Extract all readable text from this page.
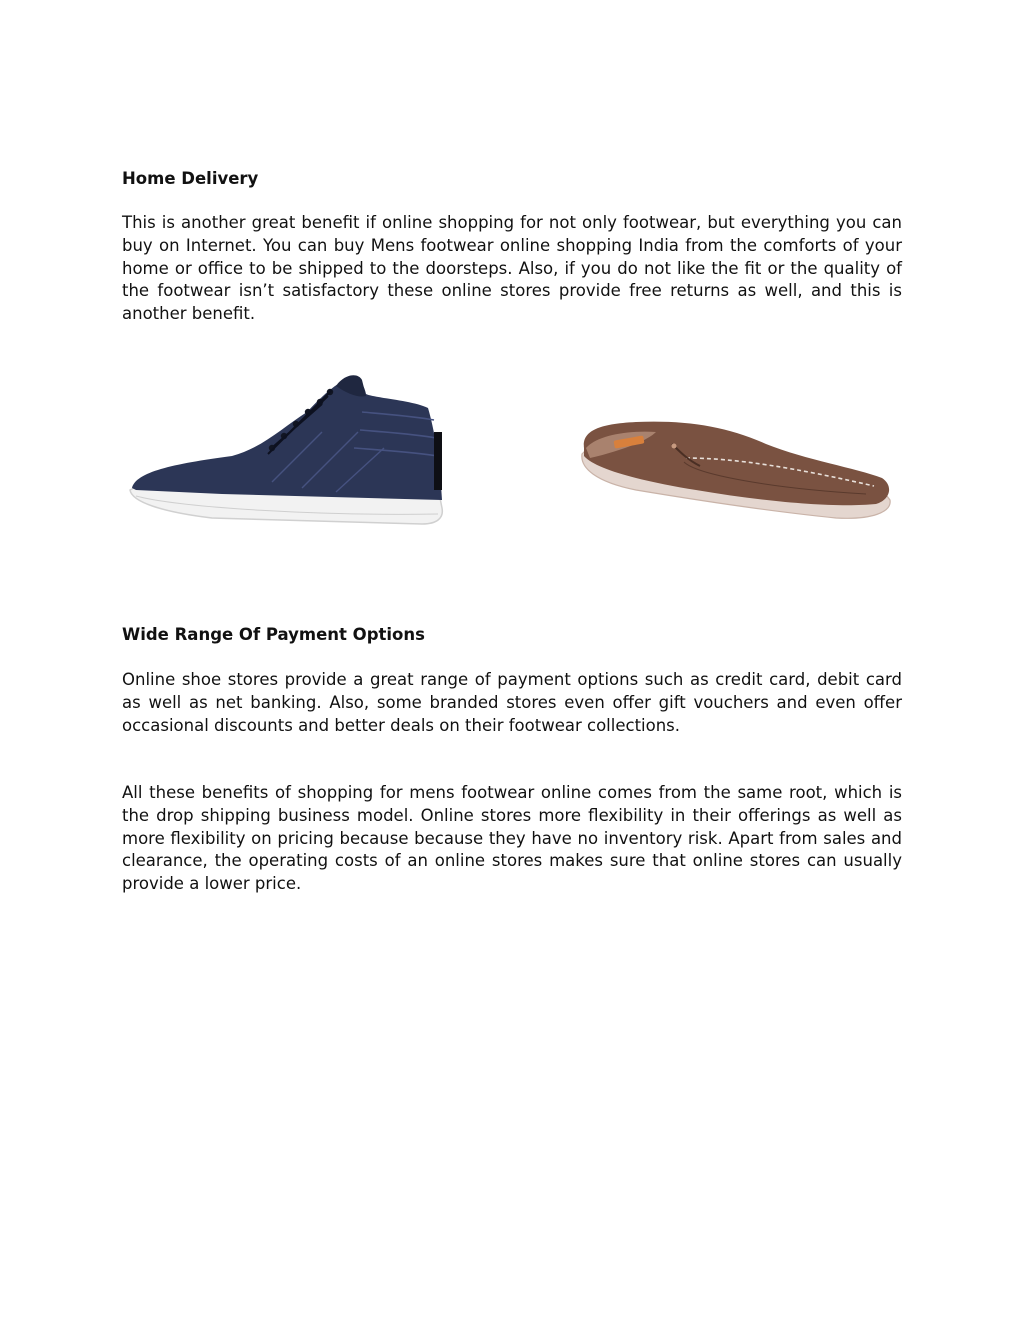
Home Delivery

This is another great benefit if online shopping for not only footwear, but everything you can buy on Internet. You can buy Mens footwear online shopping India from the comforts of your home or office to be shipped to the doorsteps. Also, if you do not like the fit or the quality of the footwear isn’t satisfactory these online stores provide free returns as well, and this is another benefit.

Wide Range Of Payment Options

Online shoe stores provide a great range of payment options such as credit card, debit card as well as net banking. Also, some branded stores even offer gift vouchers and even offer occasional discounts and better deals on their footwear collections.

All these benefits of shopping for mens footwear online comes from the same root, which is the drop shipping business model. Online stores more flexibility in their offerings as well as more flexibility on pricing because because they have no inventory risk. Apart from sales and clearance, the operating costs of an online stores makes sure that online stores can usually provide a lower price.
